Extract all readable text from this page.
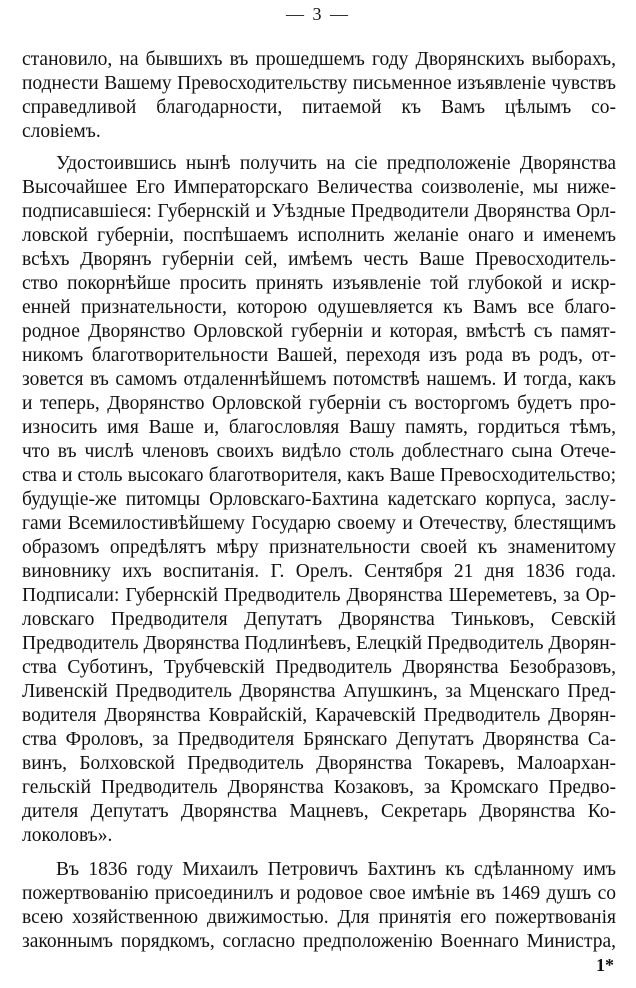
— 3 —
становило, на бывшихъ въ прошедшемъ году Дворянскихъ выборахъ,
поднести Вашему Превосходительству письменное изъявленіе чувствъ
справедливой благодарности, питаемой къ Вамъ цѣлымъ со-
словіемъ.
Удостоившись нынѣ получить на сіе предположеніе Дворянства
Высочайшее Его Императорскаго Величества соизволеніе, мы ниже-
подписавшіеся: Губернскій и Уѣздные Предводители Дворянства Орл-
ловской губерніи, поспѣшаемъ исполнить желаніе онаго и именемъ
всѣхъ Дворянъ губерніи сей, имѣемъ честь Ваше Превосходитель-
ство покорнѣйше просить принять изъявленіе той глубокой и искр-
енней признательности, которою одушевляется къ Вамъ все благо-
родное Дворянство Орловской губерніи и которая, вмѣстѣ съ памят-
никомъ благотворительности Вашей, переходя изъ рода въ родъ, от-
зовется въ самомъ отдаленнѣйшемъ потомствѣ нашемъ. И тогда, какъ
и теперь, Дворянство Орловской губерніи съ восторгомъ будетъ про-
износить имя Ваше и, благословляя Вашу память, гордиться тѣмъ,
что въ числѣ членовъ своихъ видѣло столь доблестнаго сына Отече-
ства и столь высокаго благотворителя, какъ Ваше Превосходительство;
будущіе-же питомцы Орловскаго-Бахтина кадетскаго корпуса, заслу-
гами Всемилостивѣйшему Государю своему и Отечеству, блестящимъ
образомъ опредѣлятъ мѣру признательности своей къ знаменитому
виновнику ихъ воспитанія. Г. Орелъ. Сентября 21 дня 1836 года.
Подписали: Губернскій Предводитель Дворянства Шереметевъ, за Ор-
ловскаго Предводителя Депутатъ Дворянства Тиньковъ, Севскій
Предводитель Дворянства Подлинѣевъ, Елецкій Предводитель Дворян-
ства Суботинъ, Трубчевскій Предводитель Дворянства Безобразовъ,
Ливенскій Предводитель Дворянства Апушкинъ, за Мценскаго Пред-
водителя Дворянства Коврайскій, Карачевскій Предводитель Дворян-
ства Фроловъ, за Предводителя Брянскаго Депутатъ Дворянства Са-
винъ, Болховской Предводитель Дворянства Токаревъ, Малоархан-
гельскій Предводитель Дворянства Козаковъ, за Кромскаго Предво-
дителя Депутатъ Дворянства Мацневъ, Секретарь Дворянства Ко-
локоловъ».
Въ 1836 году Михаилъ Петровичъ Бахтинъ къ сдѣланному имъ
пожертвованію присоединилъ и родовое свое имѣніе въ 1469 душъ со
всею хозяйственною движимостью. Для принятія его пожертвованія
законнымъ порядкомъ, согласно предположенію Военнаго Министра,
1*
